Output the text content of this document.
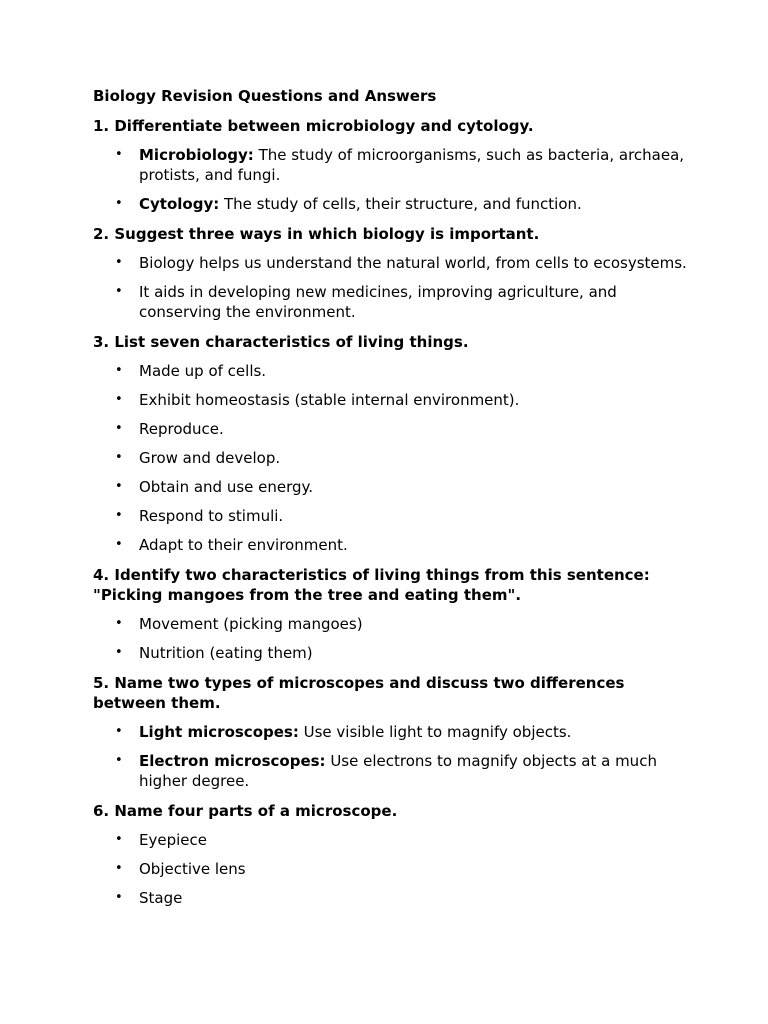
Biology Revision Questions and Answers
1. Differentiate between microbiology and cytology.
• Microbiology: The study of microorganisms, such as bacteria, archaea, protists, and fungi.
• Cytology: The study of cells, their structure, and function.
2. Suggest three ways in which biology is important.
• Biology helps us understand the natural world, from cells to ecosystems.
• It aids in developing new medicines, improving agriculture, and conserving the environment.
3. List seven characteristics of living things.
• Made up of cells.
• Exhibit homeostasis (stable internal environment).
• Reproduce.
• Grow and develop.
• Obtain and use energy.
• Respond to stimuli.
• Adapt to their environment.
4. Identify two characteristics of living things from this sentence: "Picking mangoes from the tree and eating them".
• Movement (picking mangoes)
• Nutrition (eating them)
5. Name two types of microscopes and discuss two differences between them.
• Light microscopes: Use visible light to magnify objects.
• Electron microscopes: Use electrons to magnify objects at a much higher degree.
6. Name four parts of a microscope.
• Eyepiece
• Objective lens
• Stage
